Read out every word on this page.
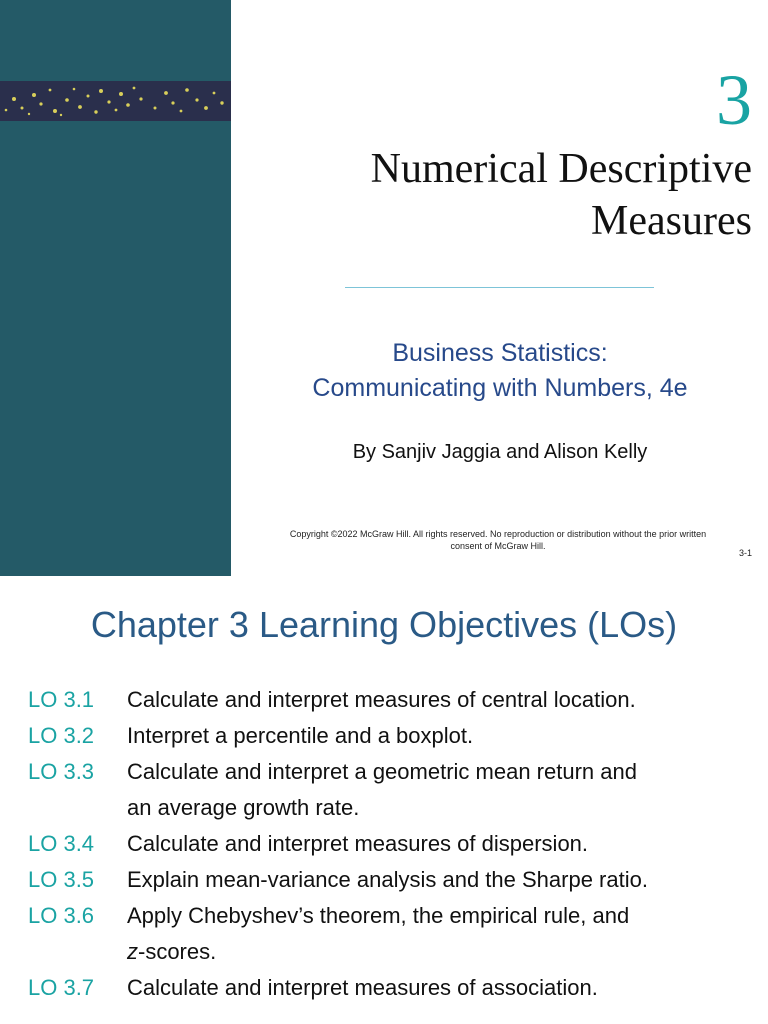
3
Numerical Descriptive
Measures
Business Statistics:
Communicating with Numbers, 4e
By Sanjiv Jaggia and Alison Kelly
Copyright ©2022 McGraw Hill. All rights reserved. No reproduction or distribution without the prior written
consent of McGraw Hill.
3-1
Chapter 3 Learning Objectives (LOs)
LO 3.1	Calculate and interpret measures of central location.
LO 3.2	Interpret a percentile and a boxplot.
LO 3.3	Calculate and interpret a geometric mean return and
an average growth rate.
LO 3.4	Calculate and interpret measures of dispersion.
LO 3.5	Explain mean-variance analysis and the Sharpe ratio.
LO 3.6	Apply Chebyshev’s theorem, the empirical rule, and
z-scores.
LO 3.7	Calculate and interpret measures of association.
